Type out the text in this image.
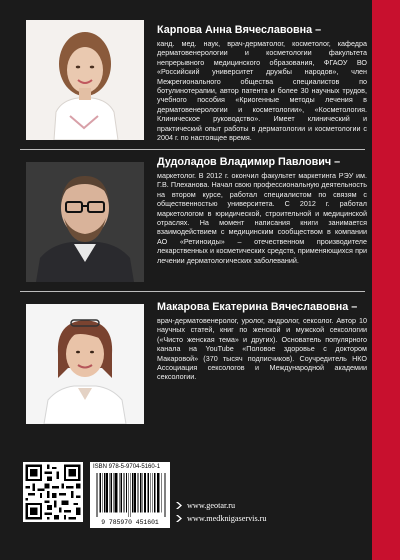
Карпова Анна Вячеславовна –

канд. мед. наук, врач-дерматолог, косметолог, кафедра дерматовенерологии и косметологии факультета непрерывного медицинского образования, ФГАОУ ВО «Российский университет дружбы народов», член Межрегионального общества специалистов по ботулинотерапии, автор патента и более 30 научных трудов, учебного пособия «Криогенные методы лечения в дерматовенерологии и косметологии», «Косметология. Клиническое руководство». Имеет клинический и практический опыт работы в дерматологии и косметологии с 2004 г. по настоящее время.

Дудоладов Владимир Павлович –

маркетолог. В 2012 г. окончил факультет маркетинга РЭУ им. Г.В. Плеханова. Начал свою профессиональную деятельность на втором курсе, работал специалистом по связям с общественностью университета. С 2012 г. работал маркетологом в юридической, строительной и медицинской отраслях. На момент написания книги занимается взаимодействием с медицинским сообществом в компании АО «Ретиноиды» – отечественном производителе лекарственных и косметических средств, применяющихся при лечении дерматологических заболеваний.

Макарова Екатерина Вячеславовна –

врач-дерматовенеролог, уролог, андролог, сексолог. Автор 10 научных статей, книг по женской и мужской сексологии («Чисто женская тема» и других). Основатель популярного канала на YouTube «Половое здоровье с доктором Макаровой» (370 тысяч подписчиков). Соучредитель НКО Ассоциация сексологов и Международной академии сексологии.

ISBN 978-5-9704-5160-1
9 785970 451601
www.geotar.ru
www.medknigaservis.ru
